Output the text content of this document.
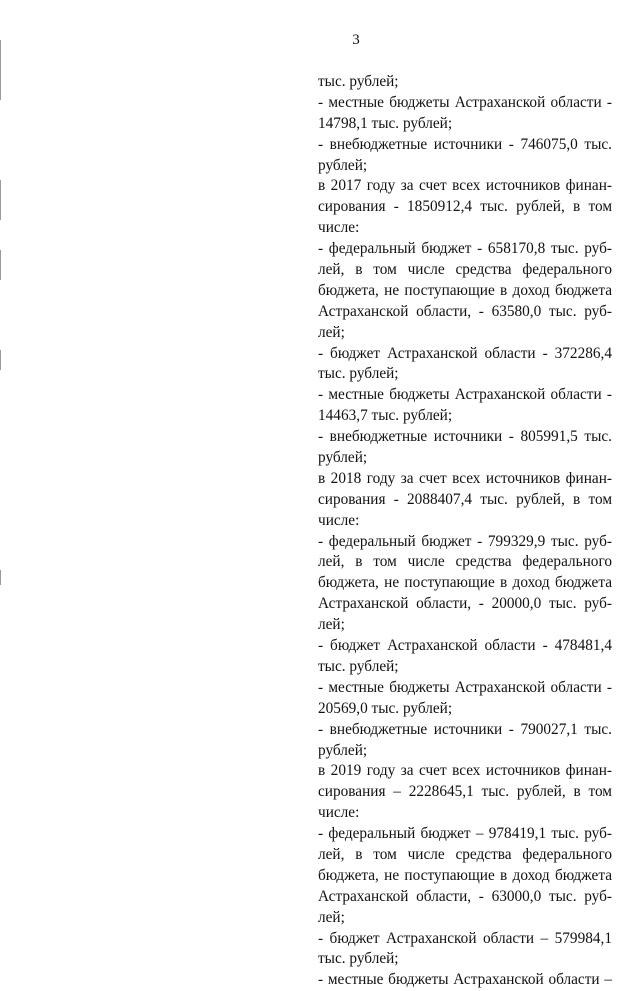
3
тыс. рублей;
- местные бюджеты Астраханской области -
14798,1 тыс. рублей;
- внебюджетные источники - 746075,0 тыс.
рублей;
в 2017 году за счет всех источников финан-
сирования - 1850912,4 тыс. рублей, в том
числе:
- федеральный бюджет - 658170,8 тыс. руб-
лей, в том числе средства федерального
бюджета, не поступающие в доход бюджета
Астраханской области, - 63580,0 тыс. руб-
лей;
- бюджет Астраханской области - 372286,4
тыс. рублей;
- местные бюджеты Астраханской области -
14463,7 тыс. рублей;
- внебюджетные источники - 805991,5 тыс.
рублей;
в 2018 году за счет всех источников финан-
сирования - 2088407,4 тыс. рублей, в том
числе:
- федеральный бюджет - 799329,9 тыс. руб-
лей, в том числе средства федерального
бюджета, не поступающие в доход бюджета
Астраханской области, - 20000,0 тыс. руб-
лей;
- бюджет Астраханской области - 478481,4
тыс. рублей;
- местные бюджеты Астраханской области -
20569,0 тыс. рублей;
- внебюджетные источники - 790027,1 тыс.
рублей;
в 2019 году за счет всех источников финан-
сирования – 2228645,1 тыс. рублей, в том
числе:
- федеральный бюджет – 978419,1 тыс. руб-
лей, в том числе средства федерального
бюджета, не поступающие в доход бюджета
Астраханской области, - 63000,0 тыс. руб-
лей;
- бюджет Астраханской области – 579984,1
тыс. рублей;
- местные бюджеты Астраханской области –
